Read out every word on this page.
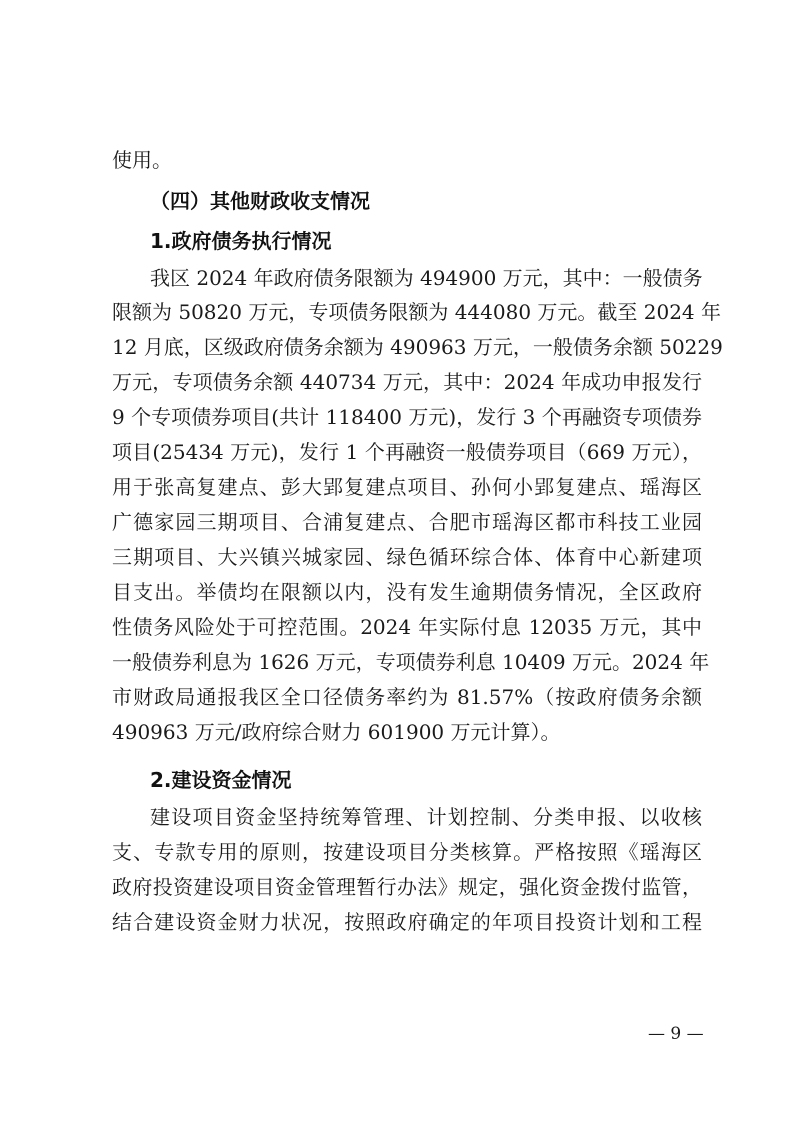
使用。
（四）其他财政收支情况
1.政府债务执行情况
我区 2024 年政府债务限额为 494900 万元，其中：一般债务
限额为 50820 万元，专项债务限额为 444080 万元。截至 2024 年
12 月底，区级政府债务余额为 490963 万元，一般债务余额 50229
万元，专项债务余额 440734 万元，其中：2024 年成功申报发行
9 个专项债券项目(共计 118400 万元)，发行 3 个再融资专项债券
项目(25434 万元)，发行 1 个再融资一般债券项目（669 万元），
用于张高复建点、彭大郢复建点项目、孙何小郢复建点、瑶海区
广德家园三期项目、合浦复建点、合肥市瑶海区都市科技工业园
三期项目、大兴镇兴城家园、绿色循环综合体、体育中心新建项
目支出。举债均在限额以内，没有发生逾期债务情况，全区政府
性债务风险处于可控范围。2024 年实际付息 12035 万元，其中
一般债券利息为 1626 万元，专项债券利息 10409 万元。2024 年
市财政局通报我区全口径债务率约为 81.57%（按政府债务余额
490963 万元/政府综合财力 601900 万元计算）。
2.建设资金情况
建设项目资金坚持统筹管理、计划控制、分类申报、以收核
支、专款专用的原则，按建设项目分类核算。严格按照《瑶海区
政府投资建设项目资金管理暂行办法》规定，强化资金拨付监管，
结合建设资金财力状况，按照政府确定的年项目投资计划和工程
— 9 —
